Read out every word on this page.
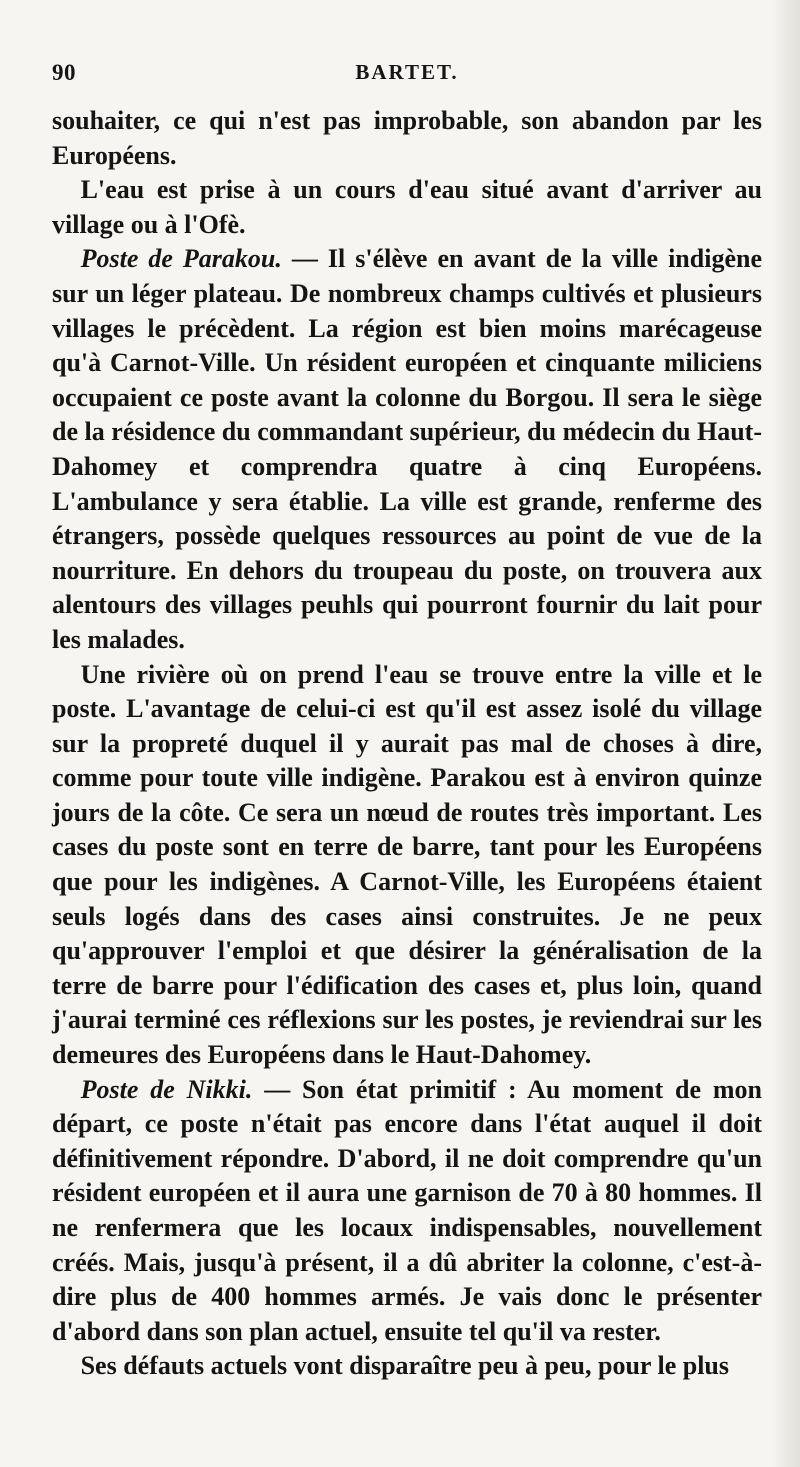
90	BARTET.

souhaiter, ce qui n'est pas improbable, son abandon par les Européens.

L'eau est prise à un cours d'eau situé avant d'arriver au village ou à l'Ofè.

Poste de Parakou. — Il s'élève en avant de la ville indigène sur un léger plateau. De nombreux champs cultivés et plusieurs villages le précèdent. La région est bien moins marécageuse qu'à Carnot-Ville. Un résident européen et cinquante miliciens occupaient ce poste avant la colonne du Borgou. Il sera le siège de la résidence du commandant supérieur, du médecin du Haut-Dahomey et comprendra quatre à cinq Européens. L'ambulance y sera établie. La ville est grande, renferme des étrangers, possède quelques ressources au point de vue de la nourriture. En dehors du troupeau du poste, on trouvera aux alentours des villages peuhls qui pourront fournir du lait pour les malades.

Une rivière où on prend l'eau se trouve entre la ville et le poste. L'avantage de celui-ci est qu'il est assez isolé du village sur la propreté duquel il y aurait pas mal de choses à dire, comme pour toute ville indigène. Parakou est à environ quinze jours de la côte. Ce sera un nœud de routes très important. Les cases du poste sont en terre de barre, tant pour les Européens que pour les indigènes. A Carnot-Ville, les Européens étaient seuls logés dans des cases ainsi construites. Je ne peux qu'approuver l'emploi et que désirer la généralisation de la terre de barre pour l'édification des cases et, plus loin, quand j'aurai terminé ces réflexions sur les postes, je reviendrai sur les demeures des Européens dans le Haut-Dahomey.

Poste de Nikki. — Son état primitif : Au moment de mon départ, ce poste n'était pas encore dans l'état auquel il doit définitivement répondre. D'abord, il ne doit comprendre qu'un résident européen et il aura une garnison de 70 à 80 hommes. Il ne renfermera que les locaux indispensables, nouvellement créés. Mais, jusqu'à présent, il a dû abriter la colonne, c'est-à-dire plus de 400 hommes armés. Je vais donc le présenter d'abord dans son plan actuel, ensuite tel qu'il va rester.

Ses défauts actuels vont disparaître peu à peu, pour le plus
